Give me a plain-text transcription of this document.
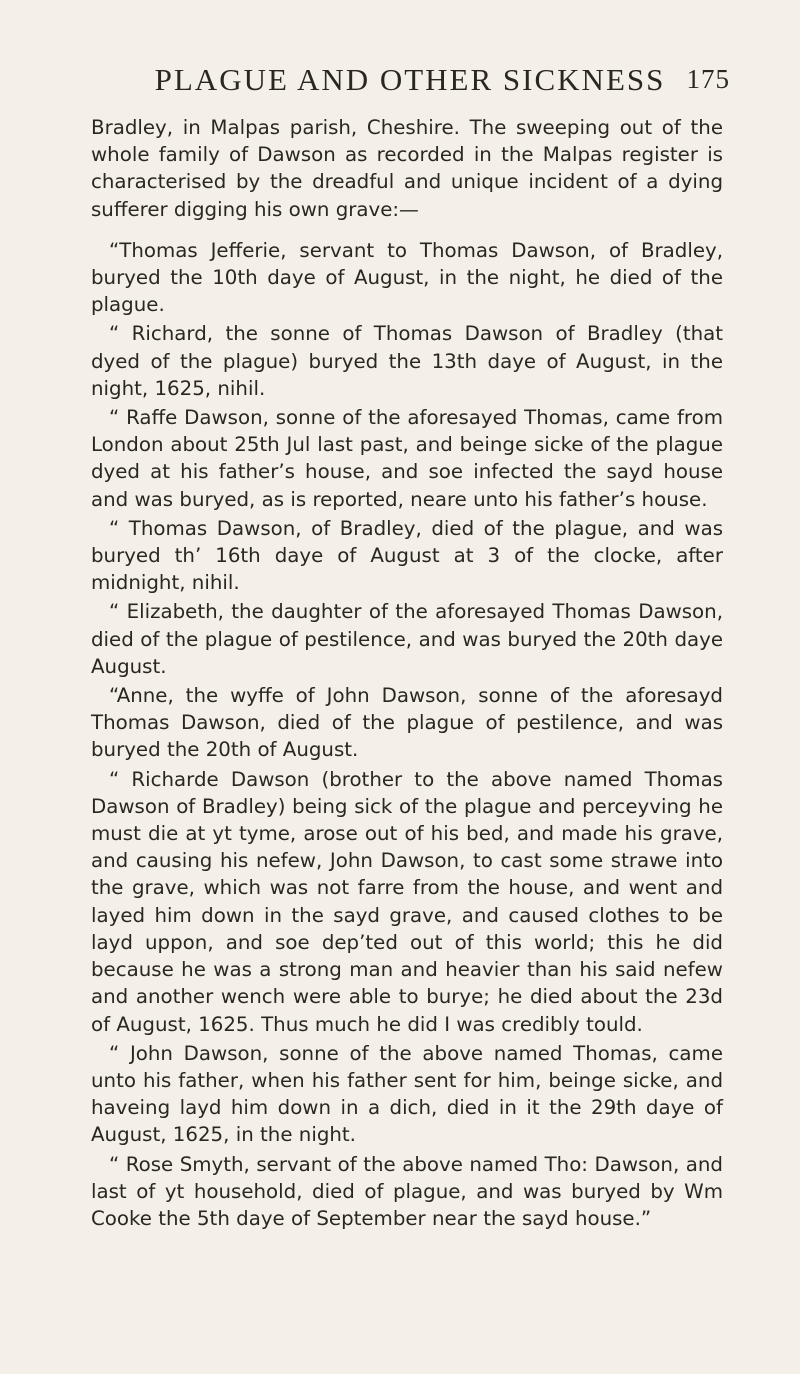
PLAGUE AND OTHER SICKNESS 175

Bradley, in Malpas parish, Cheshire. The sweeping out of the whole family of Dawson as recorded in the Malpas register is characterised by the dreadful and unique incident of a dying sufferer digging his own grave:—

“Thomas Jefferie, servant to Thomas Dawson, of Bradley, buryed the 10th daye of August, in the night, he died of the plague.

“ Richard, the sonne of Thomas Dawson of Bradley (that dyed of the plague) buryed the 13th daye of August, in the night, 1625, nihil.

“ Raffe Dawson, sonne of the aforesayed Thomas, came from London about 25th Jul last past, and beinge sicke of the plague dyed at his father’s house, and soe infected the sayd house and was buryed, as is reported, neare unto his father’s house.

“ Thomas Dawson, of Bradley, died of the plague, and was buryed th’ 16th daye of August at 3 of the clocke, after midnight, nihil.

“ Elizabeth, the daughter of the aforesayed Thomas Dawson, died of the plague of pestilence, and was buryed the 20th daye August.

“Anne, the wyffe of John Dawson, sonne of the aforesayd Thomas Dawson, died of the plague of pestilence, and was buryed the 20th of August.

“ Richarde Dawson (brother to the above named Thomas Dawson of Bradley) being sick of the plague and perceyving he must die at yt tyme, arose out of his bed, and made his grave, and causing his nefew, John Dawson, to cast some strawe into the grave, which was not farre from the house, and went and layed him down in the sayd grave, and caused clothes to be layd uppon, and soe dep’ted out of this world; this he did because he was a strong man and heavier than his said nefew and another wench were able to burye; he died about the 23d of August, 1625. Thus much he did I was credibly tould.

“ John Dawson, sonne of the above named Thomas, came unto his father, when his father sent for him, beinge sicke, and haveing layd him down in a dich, died in it the 29th daye of August, 1625, in the night.

“ Rose Smyth, servant of the above named Tho: Dawson, and last of yt household, died of plague, and was buryed by Wm Cooke the 5th daye of September near the sayd house.”
